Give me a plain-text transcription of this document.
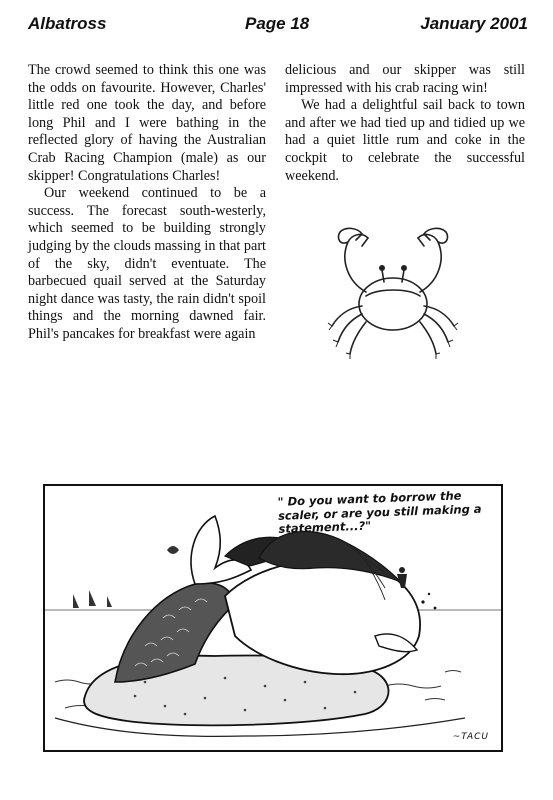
Albatross	Page 18	January 2001

The crowd seemed to think this one was the odds on favourite. However, Charles' little red one took the day, and before long Phil and I were bathing in the reflected glory of having the Australian Crab Racing Champion (male) as our skipper! Congratulations Charles!

Our weekend continued to be a success. The forecast south-westerly, which seemed to be building strongly judging by the clouds massing in that part of the sky, didn't eventuate. The barbecued quail served at the Saturday night dance was tasty, the rain didn't spoil things and the morning dawned fair. Phil's pancakes for breakfast were again

delicious and our skipper was still impressed with his crab racing win!

We had a delightful sail back to town and after we had tied up and tidied up we had a quiet little rum and coke in the cockpit to celebrate the successful weekend.

" Do you want to borrow the scaler, or are you still making a statement...?"
~TACU
